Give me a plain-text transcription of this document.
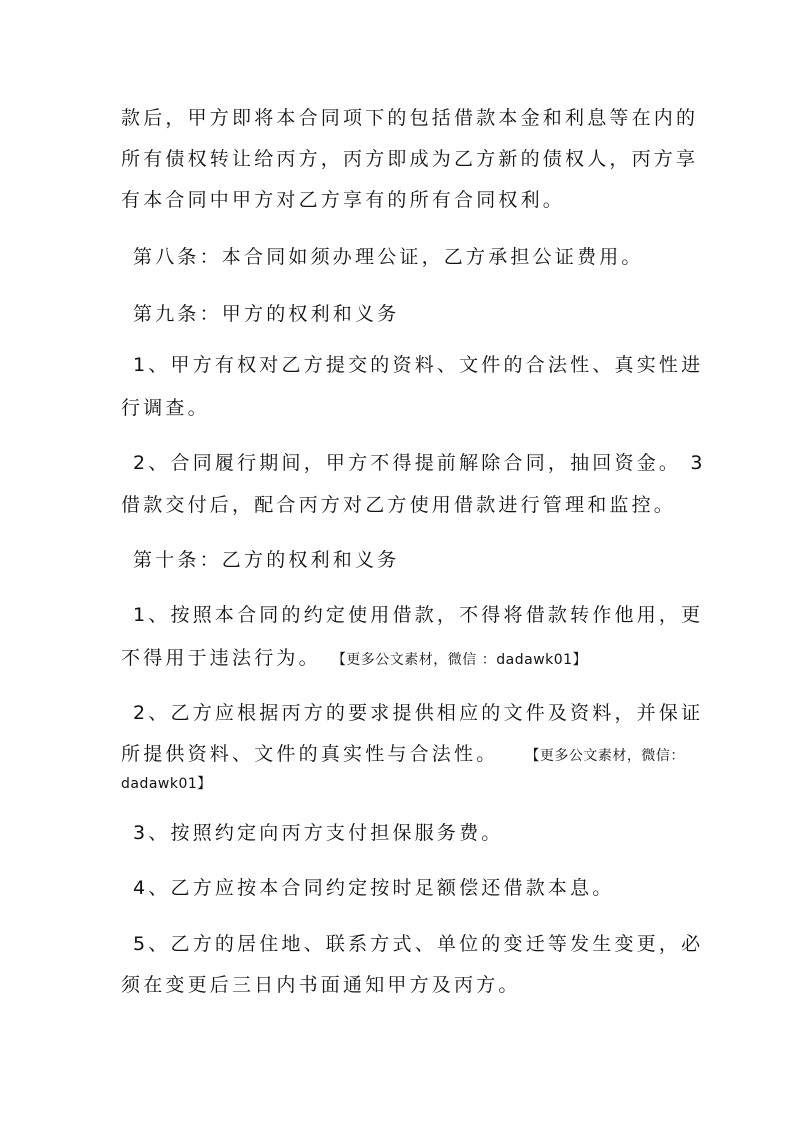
款后，甲方即将本合同项下的包括借款本金和利息等在内的
所有债权转让给丙方，丙方即成为乙方新的债权人，丙方享
有本合同中甲方对乙方享有的所有合同权利。
第八条：本合同如须办理公证，乙方承担公证费用。
第九条：甲方的权利和义务
1、甲方有权对乙方提交的资料、文件的合法性、真实性进
行调查。
2、合同履行期间，甲方不得提前解除合同，抽回资金。 3
借款交付后，配合丙方对乙方使用借款进行管理和监控。
第十条：乙方的权利和义务
1、按照本合同的约定使用借款，不得将借款转作他用，更
不得用于违法行为。 【更多公文素材，微信 ：dadawk01】
2、乙方应根据丙方的要求提供相应的文件及资料，并保证
所提供资料、文件的真实性与合法性。 【更多公文素材，微信：
dadawk01】
3、按照约定向丙方支付担保服务费。
4、乙方应按本合同约定按时足额偿还借款本息。
5、乙方的居住地、联系方式、单位的变迁等发生变更，必
须在变更后三日内书面通知甲方及丙方。
